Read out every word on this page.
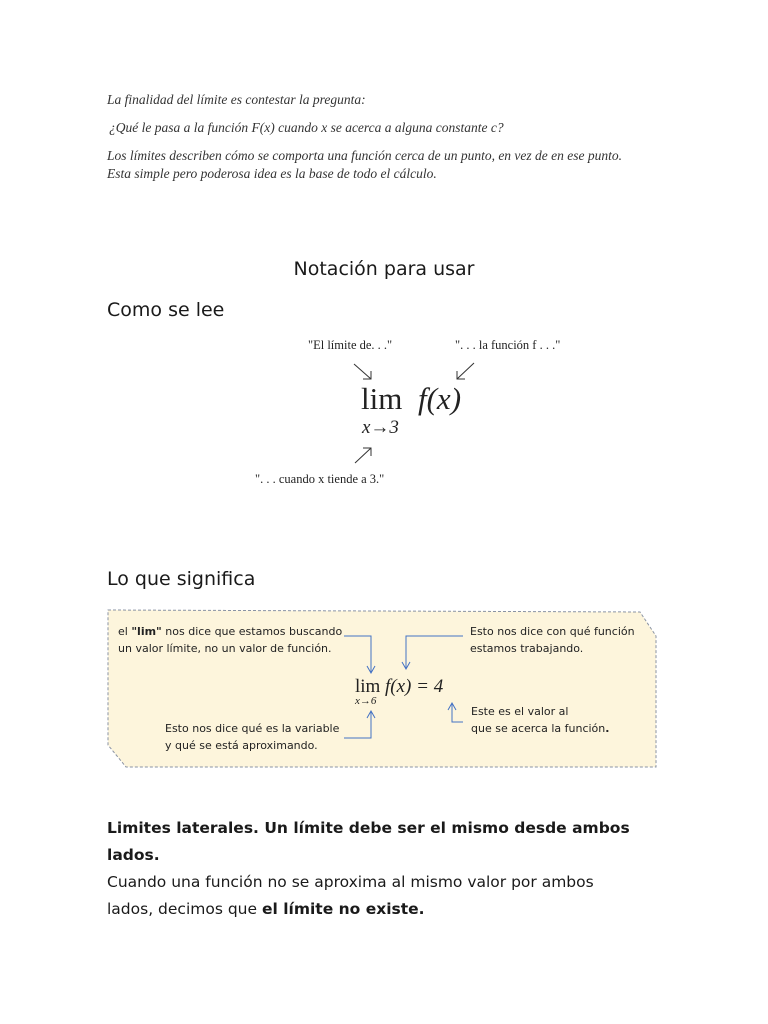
La finalidad del límite es contestar la pregunta:

¿Qué le pasa a la función F(x) cuando x se acerca a alguna constante c?

Los límites describen cómo se comporta una función cerca de un punto, en vez de en ese punto.

Esta simple pero poderosa idea es la base de todo el cálculo.

Notación para usar
Como se lee
"El límite de. . ."	". . . la función f . . ."
lim f(x)
x→3
". . . cuando x tiende a 3."
Lo que significa
el "lim" nos dice que estamos buscando
un valor límite, no un valor de función.
Esto nos dice con qué función
estamos trabajando.
lim f(x) = 4
x→6
Este es el valor al
que se acerca la función.
Esto nos dice qué es la variable
y qué se está aproximando.
Limites laterales. Un límite debe ser el mismo desde ambos lados.
Cuando una función no se aproxima al mismo valor por ambos
lados, decimos que el límite no existe.
